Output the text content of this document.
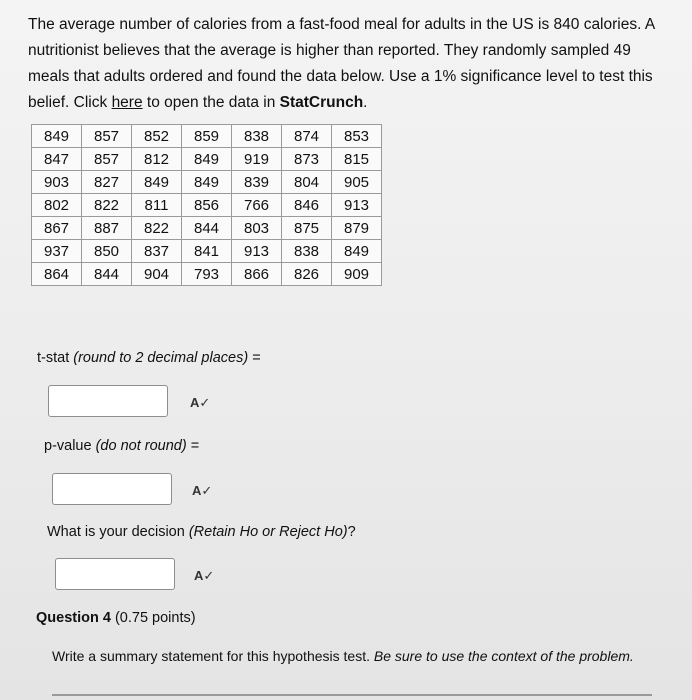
The average number of calories from a fast-food meal for adults in the US is 840 calories. A nutritionist believes that the average is higher than reported. They randomly sampled 49 meals that adults ordered and found the data below. Use a 1% significance level to test this belief. Click here to open the data in StatCrunch.
849	857	852	859	838	874	853
847	857	812	849	919	873	815
903	827	849	849	839	804	905
802	822	811	856	766	846	913
867	887	822	844	803	875	879
937	850	837	841	913	838	849
864	844	904	793	866	826	909
t-stat (round to 2 decimal places) =
A✓
p-value (do not round) =
A✓
What is your decision (Retain Ho or Reject Ho)?
A✓
Question 4 (0.75 points)
Write a summary statement for this hypothesis test. Be sure to use the context of the problem.
